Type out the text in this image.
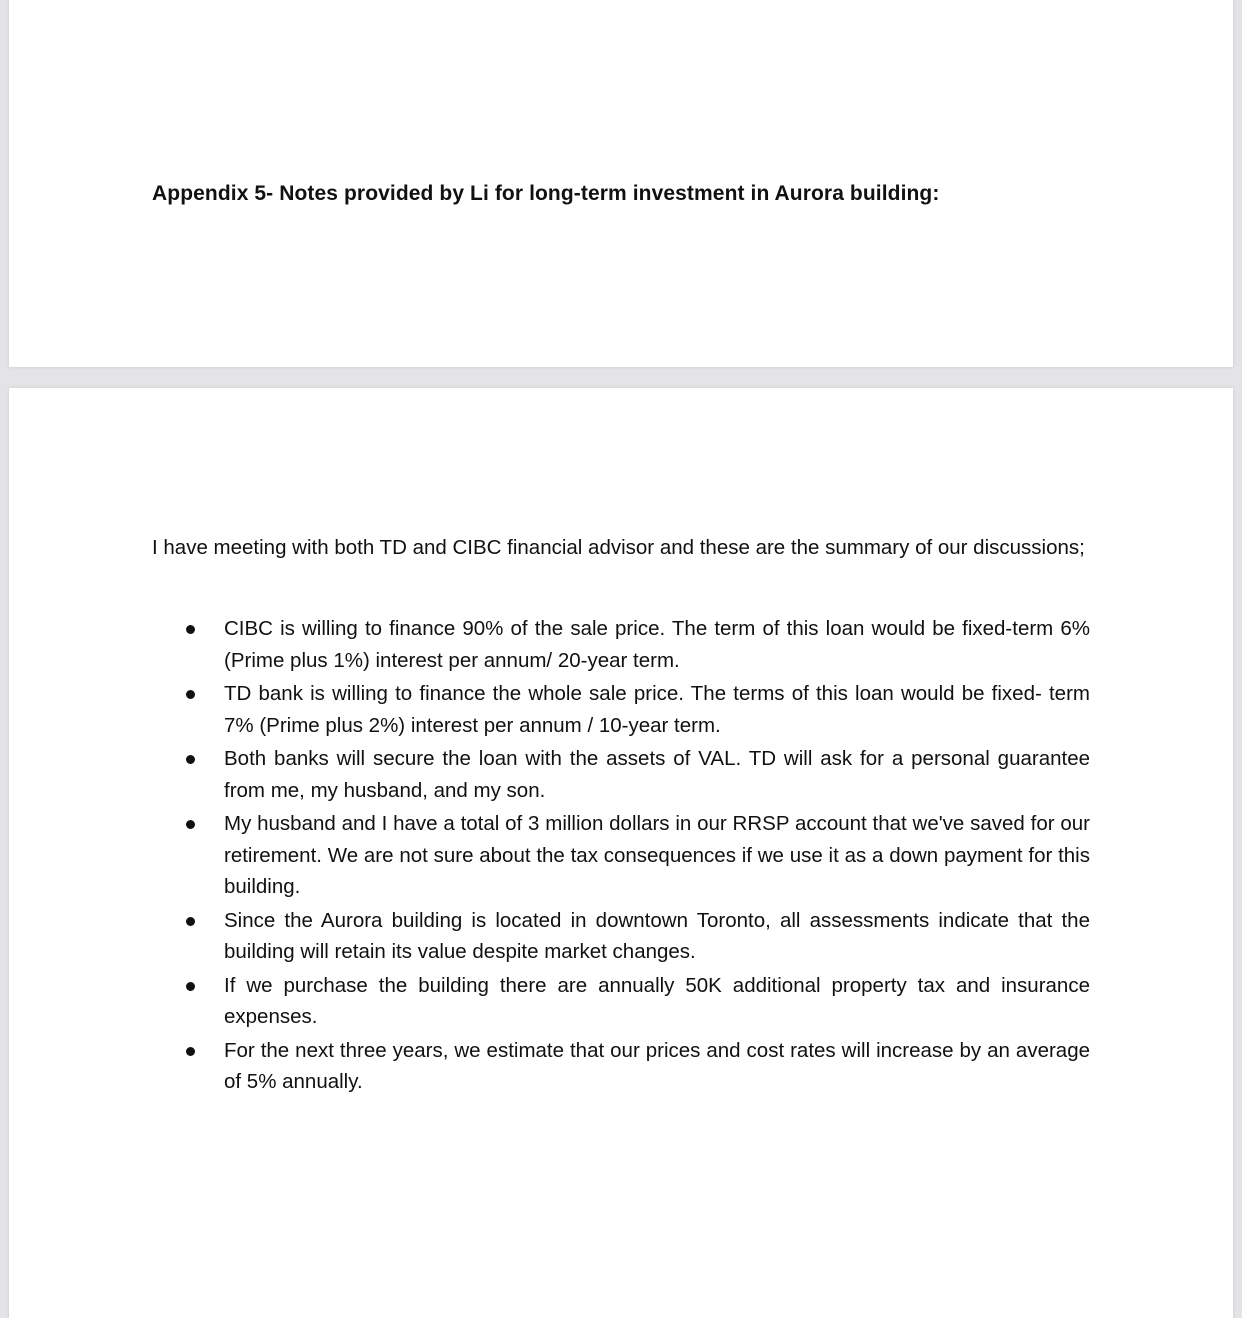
Appendix 5- Notes provided by Li for long-term investment in Aurora building:

I have meeting with both TD and CIBC financial advisor and these are the summary of our discussions;

CIBC is willing to finance 90% of the sale price. The term of this loan would be fixed-term 6% (Prime plus 1%) interest per annum/ 20-year term.
TD bank is willing to finance the whole sale price. The terms of this loan would be fixed- term 7% (Prime plus 2%) interest per annum / 10-year term.
Both banks will secure the loan with the assets of VAL. TD will ask for a personal guarantee from me, my husband, and my son.
My husband and I have a total of 3 million dollars in our RRSP account that we've saved for our retirement. We are not sure about the tax consequences if we use it as a down payment for this building.
Since the Aurora building is located in downtown Toronto, all assessments indicate that the building will retain its value despite market changes.
If we purchase the building there are annually 50K additional property tax and insurance expenses.
For the next three years, we estimate that our prices and cost rates will increase by an average of 5% annually.
